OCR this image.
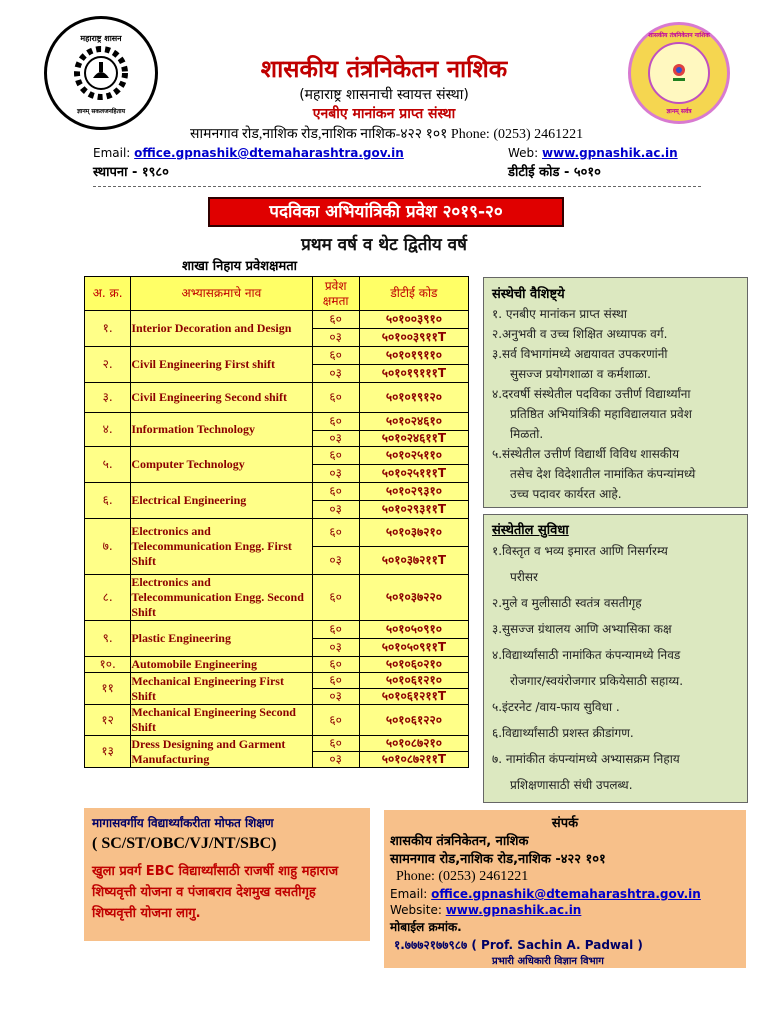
महाराष्ट्र शासन
ज्ञानम् सकलजनहिताय
शासकीय तंत्रनिकेतन नाशिक
ज्ञानम् सर्वत्र
शासकीय तंत्रनिकेतन नाशिक
(महाराष्ट्र शासनाची स्वायत्त संस्था)
एनबीए मानांकन प्राप्त संस्था
सामनगाव रोड,नाशिक रोड,नाशिक नाशिक-४२२ १०१ Phone: (0253) 2461221
Email: office.gpnashik@dtemaharashtra.gov.in	Web: www.gpnashik.ac.in
स्थापना - १९८०	डीटीई कोड - ५०१०
पदविका अभियांत्रिकी प्रवेश २०१९-२०
प्रथम वर्ष व थेट द्वितीय वर्ष
शाखा निहाय प्रवेशक्षमता
अ. क्र.	अभ्यासक्रमाचे नाव	प्रवेश क्षमता	डीटीई कोड
१.	Interior Decoration and Design	६०	५०१००३९१०
		०३	५०१००३९११T
२.	Civil Engineering First shift	६०	५०१०१९११०
		०३	५०१०१९१११T
३.	Civil Engineering Second shift	६०	५०१०१९१२०
४.	Information Technology	६०	५०१०२४६१०
		०३	५०१०२४६११T
५.	Computer Technology	६०	५०१०२५११०
		०३	५०१०२५१११T
६.	Electrical Engineering	६०	५०१०२९३१०
		०३	५०१०२९३११T
७.	Electronics and Telecommunication Engg. First Shift	६०	५०१०३७२१०
		०३	५०१०३७२११T
८.	Electronics and Telecommunication Engg. Second Shift	६०	५०१०३७२२०
९.	Plastic Engineering	६०	५०१०५०९१०
		०३	५०१०५०९११T
१०.	Automobile Engineering	६०	५०१०६०२१०
११	Mechanical Engineering First Shift	६०	५०१०६१२१०
		०३	५०१०६१२११T
१२	Mechanical Engineering Second Shift	६०	५०१०६१२२०
१३	Dress Designing and Garment Manufacturing	६०	५०१०८७२१०
		०३	५०१०८७२११T
संस्थेची वैशिष्ट्ये
१. एनबीए मानांकन प्राप्त संस्था
२.अनुभवी व उच्च शिक्षित अध्यापक वर्ग.
३.सर्व विभागांमध्ये अद्ययावत उपकरणांनी
सुसज्ज प्रयोगशाळा व कर्मशाळा.
४.दरवर्षी संस्थेतील पदविका उत्तीर्ण विद्यार्थ्यांना
प्रतिष्ठित अभियांत्रिकी महाविद्यालयात प्रवेश
मिळतो.
५.संस्थेतील उत्तीर्ण विद्यार्थी विविध शासकीय
तसेच देश विदेशातील नामांकित कंपन्यांमध्ये
उच्च पदावर कार्यरत आहे.
संस्थेतील सुविधा
१.विस्तृत व भव्य इमारत आणि निसर्गरम्य
परीसर
२.मुले व मुलीसाठी स्वतंत्र वसतीगृह
३.सुसज्ज ग्रंथालय आणि अभ्यासिका कक्ष
४.विद्यार्थ्यांसाठी नामांकित कंपन्यामध्ये निवड
रोजगार/स्वयंरोजगार प्रकियेसाठी सहाय्य.
५.इंटरनेट /वाय-फाय सुविधा .
६.विद्यार्थ्यांसाठी प्रशस्त क्रीडांगण.
७. नामांकीत कंपन्यांमध्ये अभ्यासक्रम निहाय
प्रशिक्षणासाठी संधी उपलब्ध.
मागासवर्गीय विद्यार्थ्यांकरीता मोफत शिक्षण
( SC/ST/OBC/VJ/NT/SBC)
खुला प्रवर्ग EBC विद्यार्थ्यांसाठी राजर्षी शाहु महाराज शिष्यवृत्ती योजना व पंजाबराव देशमुख वसतीगृह शिष्यवृत्ती योजना लागु.
संपर्क
शासकीय तंत्रनिकेतन, नाशिक
सामनगाव रोड,नाशिक रोड,नाशिक -४२२ १०१
Phone: (0253) 2461221
Email: office.gpnashik@dtemaharashtra.gov.in
Website: www.gpnashik.ac.in
मोबाईल क्रमांक.
१.७७७२१७७९८७ ( Prof. Sachin A. Padwal )
प्रभारी अधिकारी विज्ञान विभाग
